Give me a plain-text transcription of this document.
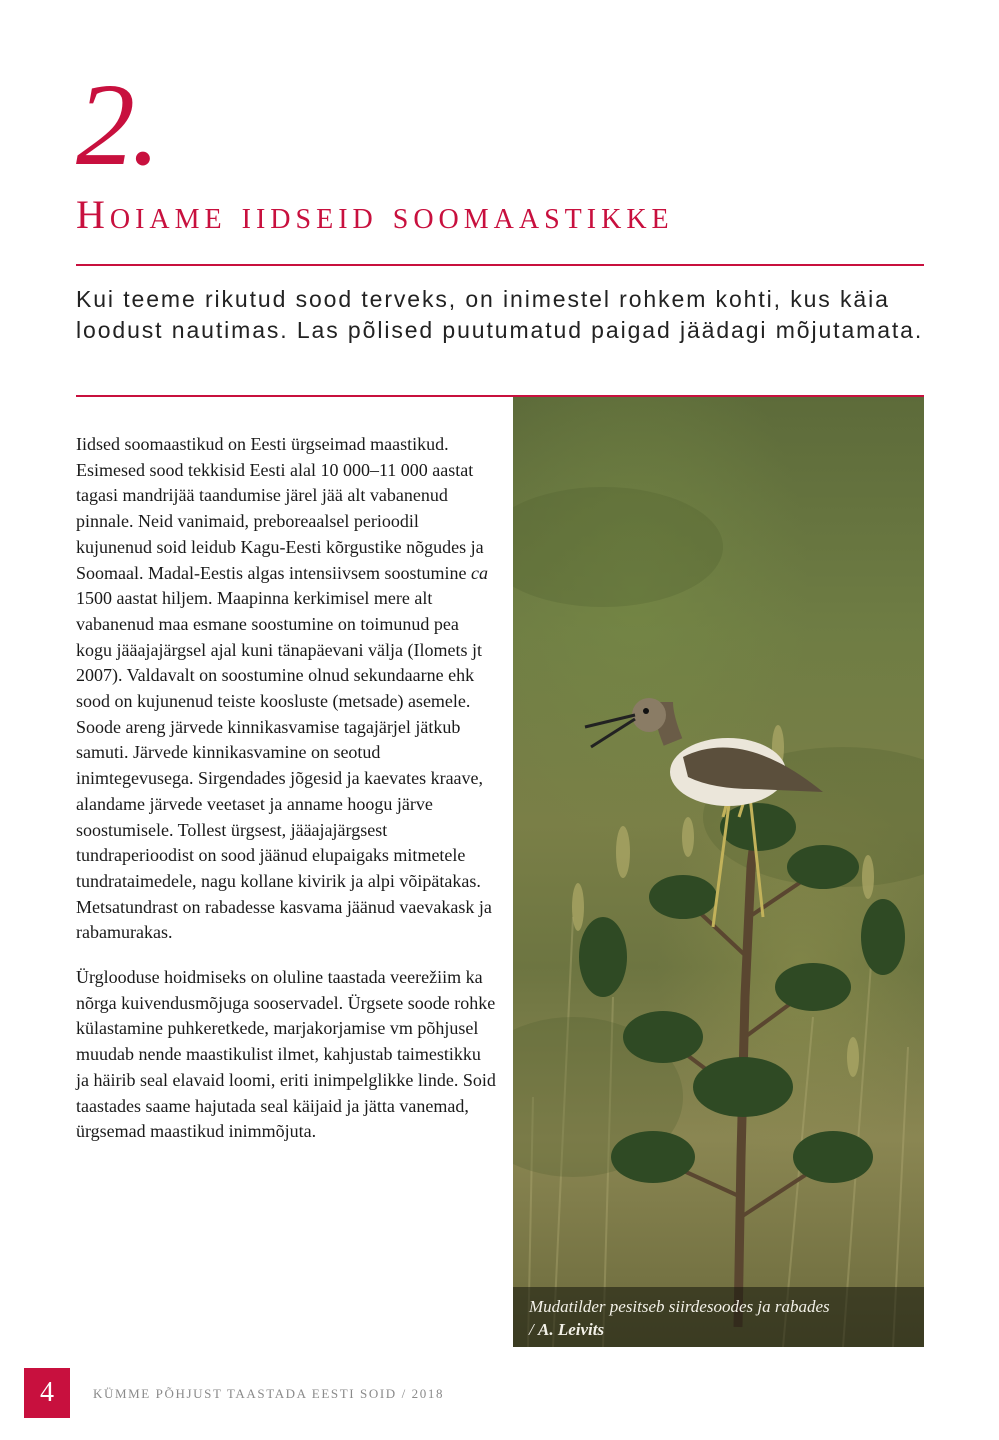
2.
Hoiame iidseid soomaastikke
Kui teeme rikutud sood terveks, on inimestel rohkem kohti, kus käia loodust nautimas. Las põlised puutumatud paigad jäädagi mõjutamata.

Iidsed soomaastikud on Eesti ürgseimad maastikud. Esimesed sood tekkisid Eesti alal 10 000–11 000 aastat tagasi mandrijää taandumise järel jää alt vabanenud pinnale. Neid vanimaid, preboreaalsel perioodil kujunenud soid leidub Kagu-Eesti kõrgustike nõgudes ja Soomaal. Madal-Eestis algas intensiivsem soostumine ca 1500 aastat hiljem. Maapinna kerkimisel mere alt vabanenud maa esmane soostumine on toimunud pea kogu jääajajärgsel ajal kuni tänapäevani välja (Ilomets jt 2007). Valdavalt on soostumine olnud sekundaarne ehk sood on kujunenud teiste koosluste (metsade) asemele. Soode areng järvede kinnikasvamise tagajärjel jätkub samuti. Järvede kinnikasvamine on seotud inimtegevusega. Sirgendades jõgesid ja kaevates kraave, alandame järvede veetaset ja anname hoogu järve soostumisele. Tollest ürgsest, jääajajärgsest tundraperioodist on sood jäänud elupaigaks mitmetele tundrataimedele, nagu kollane kivirik ja alpi võipätakas. Metsatundrast on rabadesse kasvama jäänud vaevakask ja rabamurakas.

Ürglooduse hoidmiseks on oluline taastada veerežiim ka nõrga kuivendusmõjuga sooservadel. Ürgsete soode rohke külastamine puhkeretkede, marjakorjamise vm põhjusel muudab nende maastikulist ilmet, kahjustab taimestikku ja häirib seal elavaid loomi, eriti inimpelglikke linde. Soid taastades saame hajutada seal käijaid ja jätta vanemad, ürgsemad maastikud inimmõjuta.

Mudatilder pesitseb siirdesoodes ja rabades
/ A. Leivits
4	KÜMME PÕHJUST TAASTADA EESTI SOID / 2018
